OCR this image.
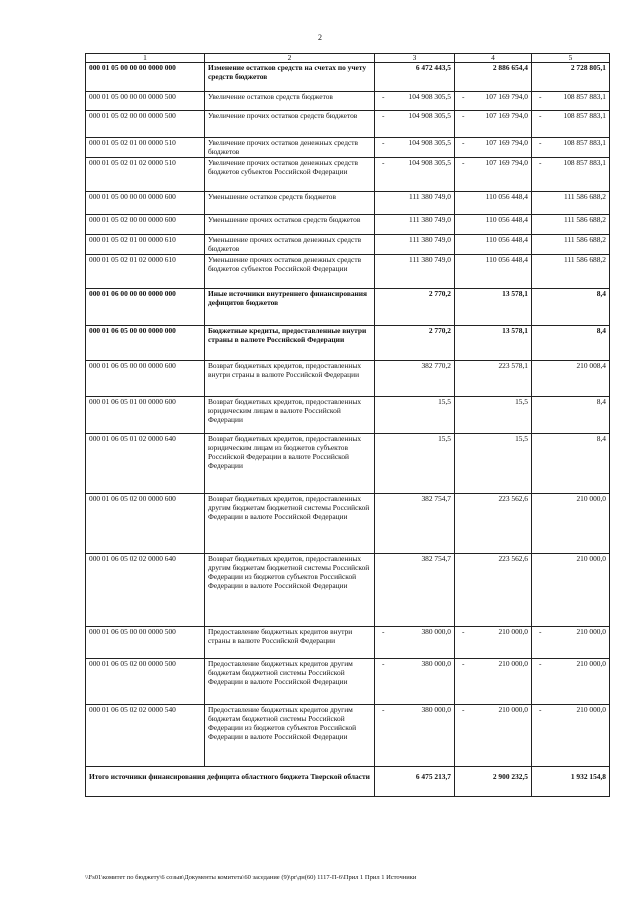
2
1	2	3	4	5
000 01 05 00 00 00 0000 000	Изменение остатков средств на счетах по учету средств бюджетов	6 472 443,5	2 886 654,4	2 728 805,1

000 01 05 00 00 00 0000 500	Увеличение остатков средств бюджетов	- 104 908 305,5	- 107 169 794,0	- 108 857 883,1

000 01 05 02 00 00 0000 500	Увеличение прочих остатков средств бюджетов	- 104 908 305,5	- 107 169 794,0	- 108 857 883,1

000 01 05 02 01 00 0000 510	Увеличение прочих остатков денежных средств бюджетов	- 104 908 305,5	- 107 169 794,0	- 108 857 883,1

000 01 05 02 01 02 0000 510	Увеличение прочих остатков денежных средств бюджетов субъектов Российской Федерации	- 104 908 305,5	- 107 169 794,0	- 108 857 883,1

000 01 05 00 00 00 0000 600	Уменьшение остатков средств бюджетов	111 380 749,0	110 056 448,4	111 586 688,2

000 01 05 02 00 00 0000 600	Уменьшение прочих остатков средств бюджетов	111 380 749,0	110 056 448,4	111 586 688,2

000 01 05 02 01 00 0000 610	Уменьшение прочих остатков денежных средств бюджетов	111 380 749,0	110 056 448,4	111 586 688,2

000 01 05 02 01 02 0000 610	Уменьшение прочих остатков денежных средств бюджетов субъектов Российской Федерации	111 380 749,0	110 056 448,4	111 586 688,2

000 01 06 00 00 00 0000 000	Иные источники внутреннего финансирования дефицитов бюджетов	2 770,2	13 578,1	8,4

000 01 06 05 00 00 0000 000	Бюджетные кредиты, предоставленные внутри страны в валюте Российской Федерации	2 770,2	13 578,1	8,4

000 01 06 05 00 00 0000 600	Возврат бюджетных кредитов, предоставленных внутри страны в валюте Российской Федерации	382 770,2	223 578,1	210 008,4

000 01 06 05 01 00 0000 600	Возврат бюджетных кредитов, предоставленных юридическим лицам в валюте Российской Федерации	15,5	15,5	8,4

000 01 06 05 01 02 0000 640	Возврат бюджетных кредитов, предоставленных юридическим лицам из бюджетов субъектов Российской Федерации в валюте Российской Федерации	15,5	15,5	8,4

000 01 06 05 02 00 0000 600	Возврат бюджетных кредитов, предоставленных другим бюджетам бюджетной системы Российской Федерации в валюте Российской Федерации	382 754,7	223 562,6	210 000,0

000 01 06 05 02 02 0000 640	Возврат бюджетных кредитов, предоставленных другим бюджетам бюджетной системы Российской Федерации из бюджетов субъектов Российской Федерации в валюте Российской Федерации	382 754,7	223 562,6	210 000,0

000 01 06 05 00 00 0000 500	Предоставление бюджетных кредитов внутри страны в валюте Российской Федерации	- 380 000,0	- 210 000,0	- 210 000,0

000 01 06 05 02 00 0000 500	Предоставление бюджетных кредитов другим бюджетам бюджетной системы Российской Федерации в валюте Российской Федерации	- 380 000,0	- 210 000,0	- 210 000,0

000 01 06 05 02 02 0000 540	Предоставление бюджетных кредитов другим бюджетам бюджетной системы Российской Федерации из бюджетов субъектов Российской Федерации в валюте Российской Федерации	- 380 000,0	- 210 000,0	- 210 000,0

Итого источники финансирования дефицита областного бюджета Тверской области		6 475 213,7	2 900 232,5	1 932 154,8
\\Fs01\комитет по бюджету\6 созыв\Документы комитета\60 заседание (9)\pr\дн(60) 1117-П-6\Прил 1 Прил 1 Источники
